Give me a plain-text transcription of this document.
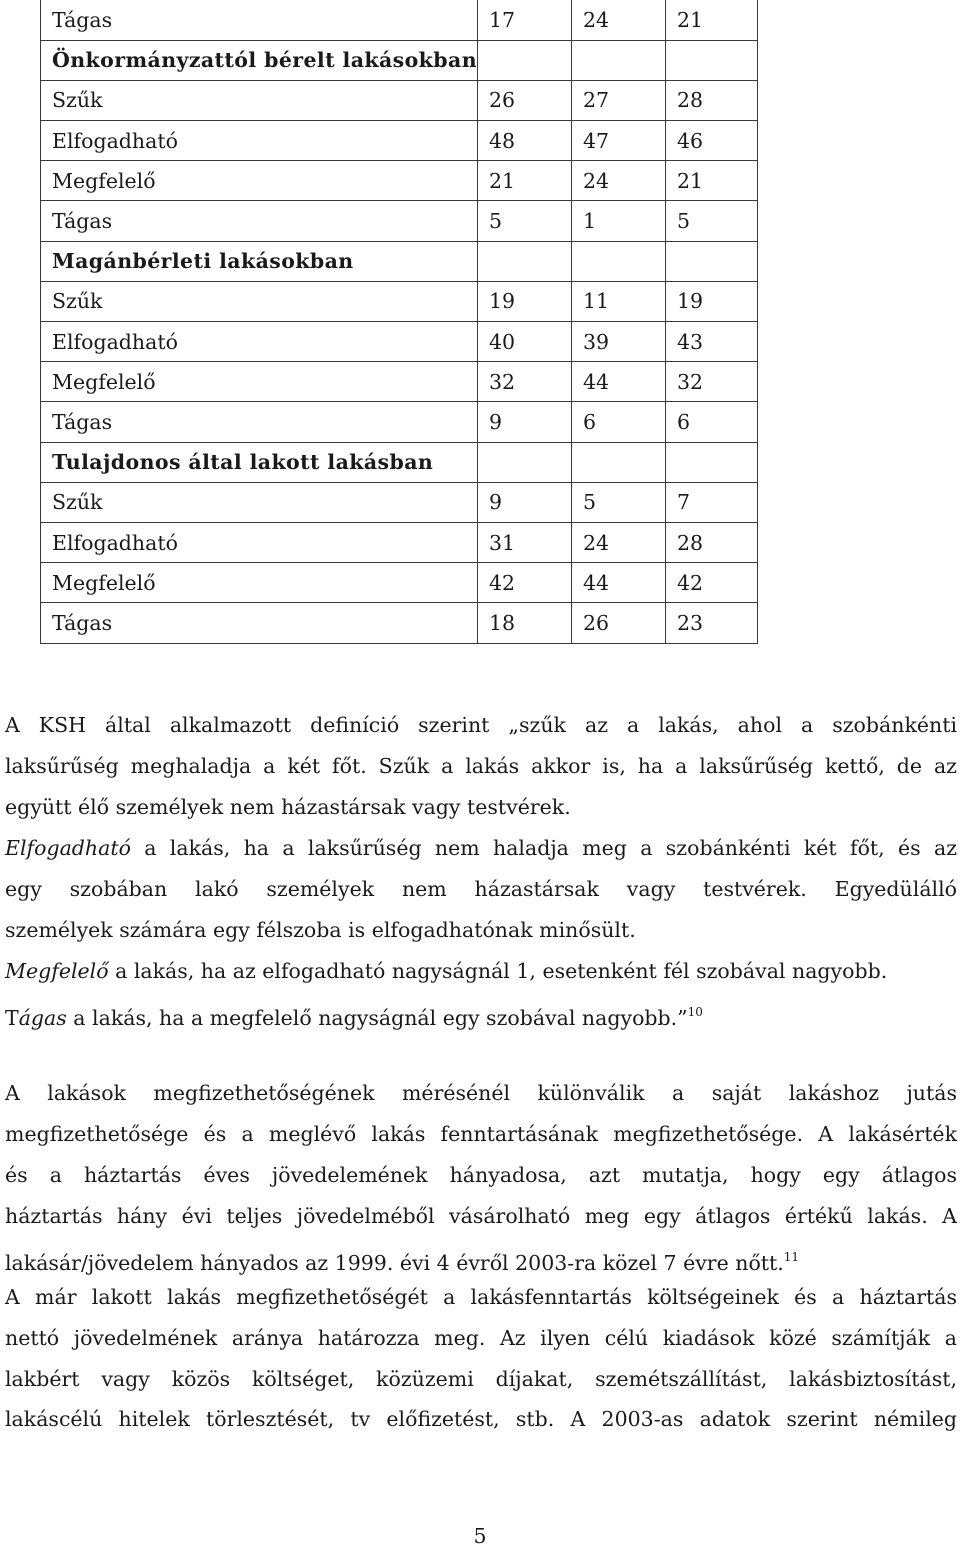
Tágas	17	24	21
Önkormányzattól bérelt lakásokban			
Szűk	26	27	28
Elfogadható	48	47	46
Megfelelő	21	24	21
Tágas	5	1	5
Magánbérleti lakásokban			
Szűk	19	11	19
Elfogadható	40	39	43
Megfelelő	32	44	32
Tágas	9	6	6
Tulajdonos által lakott lakásban			
Szűk	9	5	7
Elfogadható	31	24	28
Megfelelő	42	44	42
Tágas	18	26	23
A KSH által alkalmazott definíció szerint „szűk az a lakás, ahol a szobánkénti
laksűrűség meghaladja a két főt. Szűk a lakás akkor is, ha a laksűrűség kettő, de az
együtt élő személyek nem házastársak vagy testvérek.
Elfogadható a lakás, ha a laksűrűség nem haladja meg a szobánkénti két főt, és az
egy szobában lakó személyek nem házastársak vagy testvérek. Egyedülálló
személyek számára egy félszoba is elfogadhatónak minősült.
Megfelelő a lakás, ha az elfogadható nagyságnál 1, esetenként fél szobával nagyobb.
Tágas a lakás, ha a megfelelő nagyságnál egy szobával nagyobb.”$^{10}$
A lakások megfizethetőségének mérésénél különválik a saját lakáshoz jutás
megfizethetősége és a meglévő lakás fenntartásának megfizethetősége. A lakásérték
és a háztartás éves jövedelemének hányadosa, azt mutatja, hogy egy átlagos
háztartás hány évi teljes jövedelméből vásárolható meg egy átlagos értékű lakás. A
lakásár/jövedelem hányados az 1999. évi 4 évről 2003-ra közel 7 évre nőtt.$^{11}$
A már lakott lakás megfizethetőségét a lakásfenntartás költségeinek és a háztartás
nettó jövedelmének aránya határozza meg. Az ilyen célú kiadások közé számítják a
lakbért vagy közös költséget, közüzemi díjakat, szemétszállítást, lakásbiztosítást,
lakáscélú hitelek törlesztését, tv előfizetést, stb. A 2003-as adatok szerint némileg
5
